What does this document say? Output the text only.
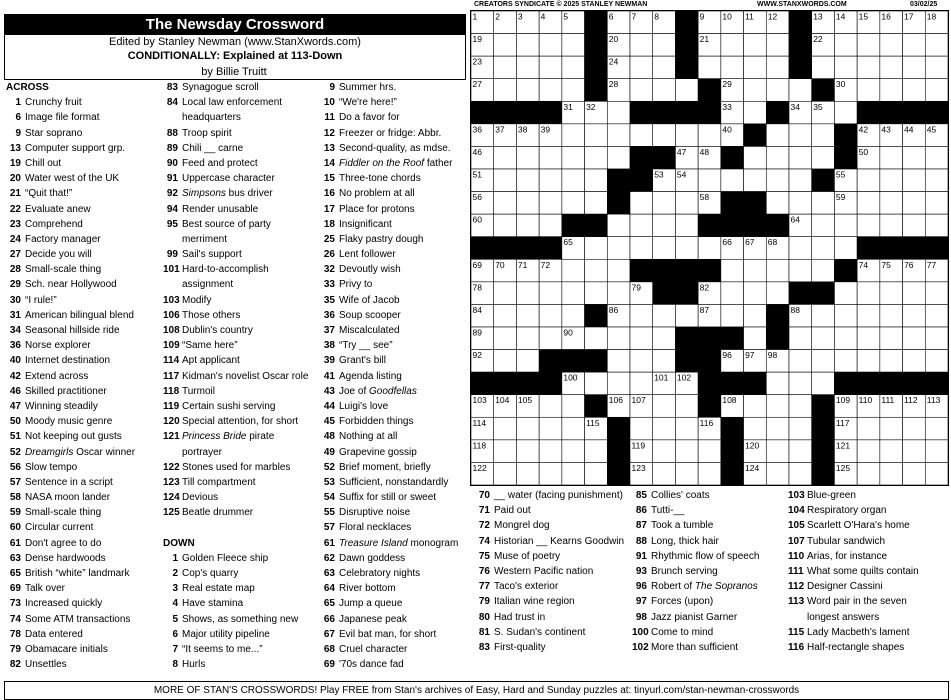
The Newsday Crossword
Edited by Stanley Newman (www.StanXwords.com)
CONDITIONALLY: Explained at 113-Down
by Billie Truitt
CREATORS SYNDICATE © 2025 STANLEY NEWMAN	WWW.STANXWORDS.COM	03/02/25
1 2 3 4 5	6 7 8	9 10 11 12	13 14 15 16 17 18
19	20	21	22
23	24	25	26
27	28	29	30
31 32	33	34 35
36 37 38 39	40 41	42 43 44 45
46	47 48	49 50
51	52 53 54	55
56	57	58	59
60	61	62	63 64
65	66 67 68
69 70 71 72	73	74 75 76 77
78	79 80 81 82	83
84	85 86	87	88
89	90	91
92	93	94	95 96 97 98
99 100	101 102
103 104 105	106 107	108	109 110 111 112 113
114	115	116	117
118	119	120	121
122	123	124	125
ACROSS
1 Crunchy fruit
6 Image file format
9 Star soprano
13 Computer support grp.
19 Chill out
20 Water west of the UK
21 “Quit that!”
22 Evaluate anew
23 Comprehend
24 Factory manager
27 Decide you will
28 Small-scale thing
29 Sch. near Hollywood
30 “I rule!”
31 American bilingual blend
34 Seasonal hillside ride
36 Norse explorer
40 Internet destination
42 Extend across
46 Skilled practitioner
47 Winning steadily
50 Moody music genre
51 Not keeping out gusts
52 Dreamgirls Oscar winner
56 Slow tempo
57 Sentence in a script
58 NASA moon lander
59 Small-scale thing
60 Circular current
61 Don't agree to do
63 Dense hardwoods
65 British “white” landmark
69 Talk over
73 Increased quickly
74 Some ATM transactions
78 Data entered
79 Obamacare initials
82 Unsettles
83 Synagogue scroll
84 Local law enforcement
headquarters
88 Troop spirit
89 Chili __ carne
90 Feed and protect
91 Uppercase character
92 Simpsons bus driver
94 Render unusable
95 Best source of party
merriment
99 Sail's support
101 Hard-to-accomplish
assignment
103 Modify
106 Those others
108 Dublin's country
109 “Same here”
114 Apt applicant
117 Kidman's novelist Oscar role
118 Turmoil
119 Certain sushi serving
120 Special attention, for short
121 Princess Bride pirate
portrayer
122 Stones used for marbles
123 Till compartment
124 Devious
125 Beatle drummer
DOWN
1 Golden Fleece ship
2 Cop's quarry
3 Real estate map
4 Have stamina
5 Shows, as something new
6 Major utility pipeline
7 “It seems to me...”
8 Hurls
9 Summer hrs.
10 “We're here!”
11 Do a favor for
12 Freezer or fridge: Abbr.
13 Second-quality, as mdse.
14 Fiddler on the Roof father
15 Three-tone chords
16 No problem at all
17 Place for protons
18 Insignificant
25 Flaky pastry dough
26 Lent follower
32 Devoutly wish
33 Privy to
35 Wife of Jacob
36 Soup scooper
37 Miscalculated
38 “Try __ see”
39 Grant's bill
41 Agenda listing
43 Joe of Goodfellas
44 Luigi's love
45 Forbidden things
48 Nothing at all
49 Grapevine gossip
52 Brief moment, briefly
53 Sufficient, nonstandardly
54 Suffix for still or sweet
55 Disruptive noise
57 Floral necklaces
61 Treasure Island monogram
62 Dawn goddess
63 Celebratory nights
64 River bottom
65 Jump a queue
66 Japanese peak
67 Evil bat man, for short
68 Cruel character
69 '70s dance fad
70 __ water (facing punishment)
71 Paid out
72 Mongrel dog
74 Historian __ Kearns Goodwin
75 Muse of poetry
76 Western Pacific nation
77 Taco's exterior
79 Italian wine region
80 Had trust in
81 S. Sudan's continent
83 First-quality
85 Collies' coats
86 Tutti-__
87 Took a tumble
88 Long, thick hair
91 Rhythmic flow of speech
93 Brunch serving
96 Robert of The Sopranos
97 Forces (upon)
98 Jazz pianist Garner
100 Come to mind
102 More than sufficient
103 Blue-green
104 Respiratory organ
105 Scarlett O'Hara's home
107 Tubular sandwich
110 Arias, for instance
111 What some quilts contain
112 Designer Cassini
113 Word pair in the seven
longest answers
115 Lady Macbeth's lament
116 Half-rectangle shapes
MORE OF STAN'S CROSSWORDS! Play FREE from Stan's archives of Easy, Hard and Sunday puzzles at: tinyurl.com/stan-newman-crosswords
